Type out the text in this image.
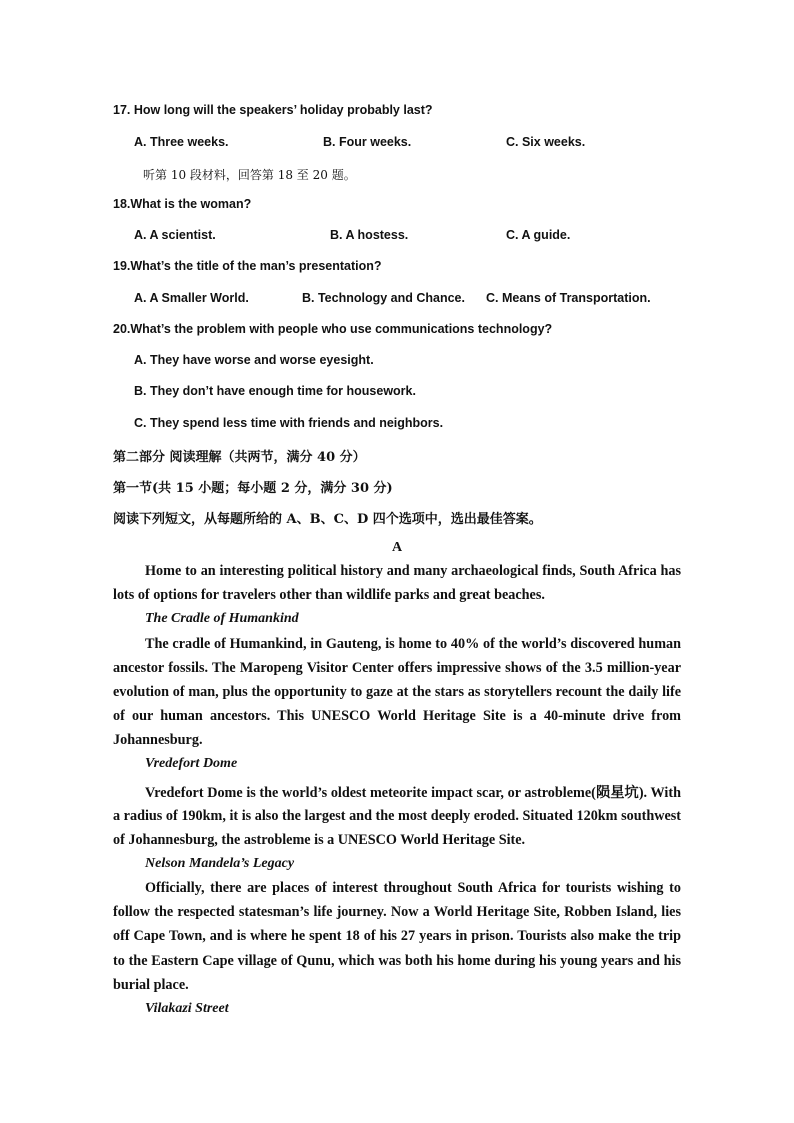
17. How long will the speakers’ holiday probably last?
A. Three weeks.	B. Four weeks.	C. Six weeks.
听第 10 段材料，回答第 18 至 20 题。
18.What is the woman?
A. A scientist.	B. A hostess.	C. A guide.
19.What’s the title of the man’s presentation?
A. A Smaller World.	B. Technology and Chance. C. Means of Transportation.
20.What’s the problem with people who use communications technology?
A. They have worse and worse eyesight.
B. They don’t have enough time for housework.
C. They spend less time with friends and neighbors.
第二部分 阅读理解（共两节，满分 40 分）
第一节(共 15 小题；每小题 2 分，满分 30 分)
阅读下列短文，从每题所给的 A、B、C、D 四个选项中，选出最佳答案。
A
Home to an interesting political history and many archaeological finds, South Africa has
lots of options for travelers other than wildlife parks and great beaches.
The Cradle of Humankind
The cradle of Humankind, in Gauteng, is home to 40% of the world’s discovered human
ancestor fossils. The Maropeng Visitor Center offers impressive shows of the 3.5 million-year
evolution of man, plus the opportunity to gaze at the stars as storytellers recount the daily life
of our human ancestors. This UNESCO World Heritage Site is a 40-minute drive from
Johannesburg.
Vredefort Dome
Vredefort Dome is the world’s oldest meteorite impact scar, or astrobleme(陨星坑). With
a radius of 190km, it is also the largest and the most deeply eroded. Situated 120km southwest
of Johannesburg, the astrobleme is a UNESCO World Heritage Site.
Nelson Mandela’s Legacy
Officially, there are places of interest throughout South Africa for tourists wishing to
follow the respected statesman’s life journey. Now a World Heritage Site, Robben Island, lies
off Cape Town, and is where he spent 18 of his 27 years in prison. Tourists also make the trip
to the Eastern Cape village of Qunu, which was both his home during his young years and his
burial place.
Vilakazi Street
